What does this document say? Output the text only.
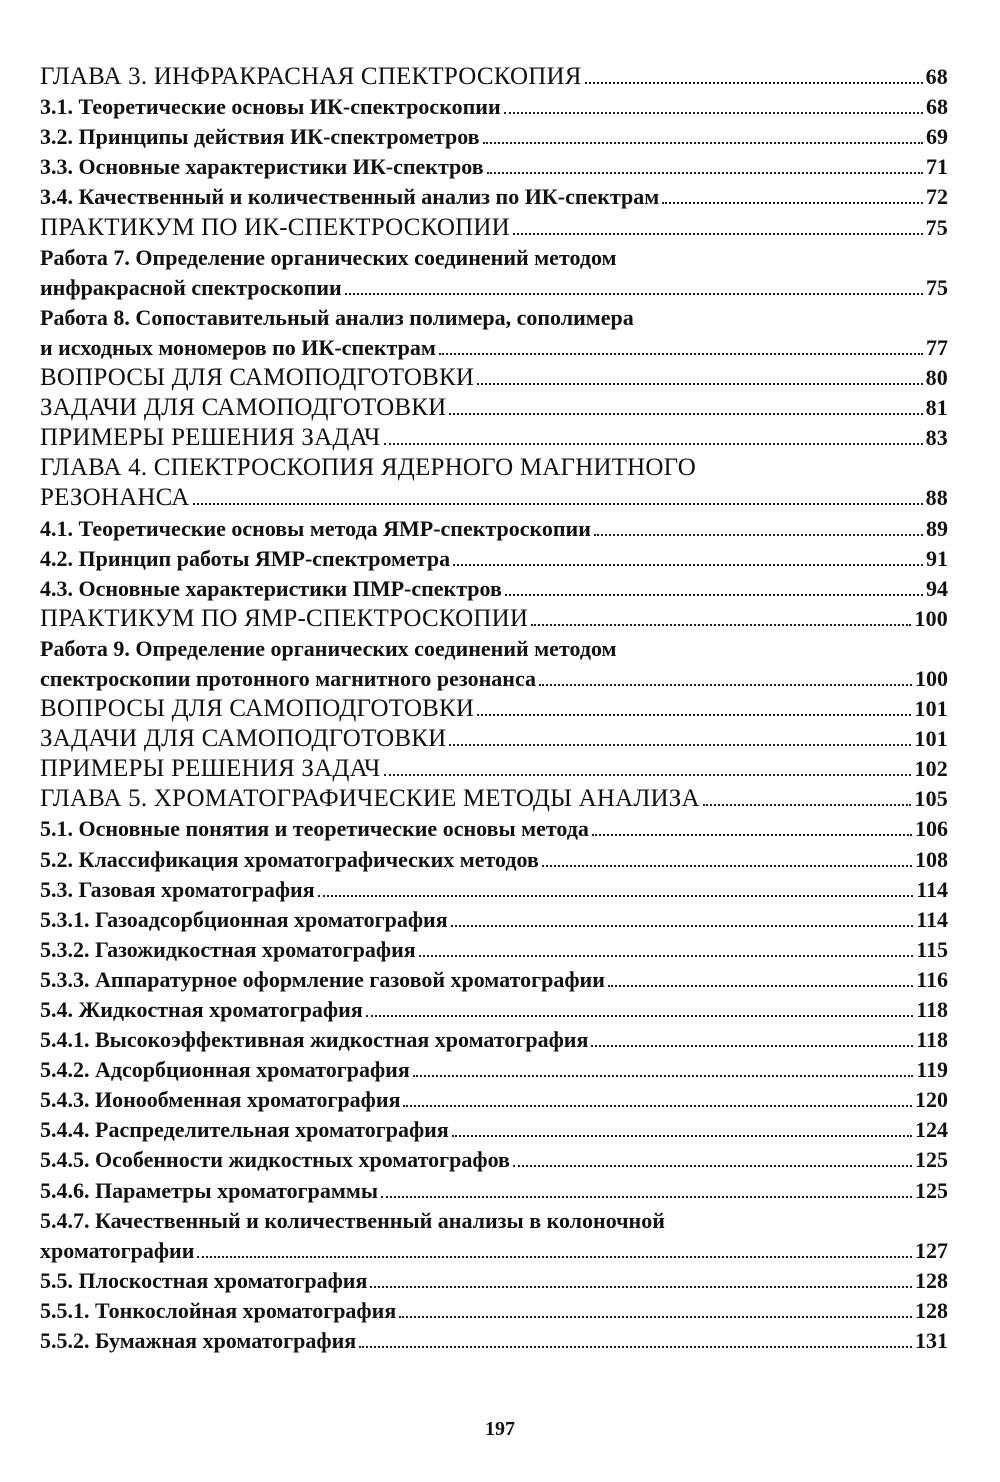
ГЛАВА 3. ИНФРАКРАСНАЯ СПЕКТРОСКОПИЯ	68
3.1. Теоретические основы ИК-спектроскопии	68
3.2. Принципы действия ИК-спектрометров	69
3.3. Основные характеристики ИК-спектров	71
3.4. Качественный и количественный анализ по ИК-спектрам	72
ПРАКТИКУМ ПО ИК-СПЕКТРОСКОПИИ	75
Работа 7. Определение органических соединений методом
инфракрасной спектроскопии	75
Работа 8. Сопоставительный анализ полимера, сополимера
и исходных мономеров по ИК-спектрам	77
ВОПРОСЫ ДЛЯ САМОПОДГОТОВКИ	80
ЗАДАЧИ ДЛЯ САМОПОДГОТОВКИ	81
ПРИМЕРЫ РЕШЕНИЯ ЗАДАЧ	83
ГЛАВА 4. СПЕКТРОСКОПИЯ ЯДЕРНОГО МАГНИТНОГО
РЕЗОНАНСА	88
4.1. Теоретические основы метода ЯМР-спектроскопии	89
4.2. Принцип работы ЯМР-спектрометра	91
4.3. Основные характеристики ПМР-спектров	94
ПРАКТИКУМ ПО ЯМР-СПЕКТРОСКОПИИ	100
Работа 9. Определение органических соединений методом
спектроскопии протонного магнитного резонанса	100
ВОПРОСЫ ДЛЯ САМОПОДГОТОВКИ	101
ЗАДАЧИ ДЛЯ САМОПОДГОТОВКИ	101
ПРИМЕРЫ РЕШЕНИЯ ЗАДАЧ	102
ГЛАВА 5. ХРОМАТОГРАФИЧЕСКИЕ МЕТОДЫ АНАЛИЗА	105
5.1. Основные понятия и теоретические основы метода	106
5.2. Классификация хроматографических методов	108
5.3. Газовая хроматография	114
5.3.1. Газоадсорбционная хроматография	114
5.3.2. Газожидкостная хроматография	115
5.3.3. Аппаратурное оформление газовой хроматографии	116
5.4. Жидкостная хроматография	118
5.4.1. Высокоэффективная жидкостная хроматография	118
5.4.2. Адсорбционная хроматография	119
5.4.3. Ионообменная хроматография	120
5.4.4. Распределительная хроматография	124
5.4.5. Особенности жидкостных хроматографов	125
5.4.6. Параметры хроматограммы	125
5.4.7. Качественный и количественный анализы в колоночной
хроматографии	127
5.5. Плоскостная хроматография	128
5.5.1. Тонкослойная хроматография	128
5.5.2. Бумажная хроматография	131
197
